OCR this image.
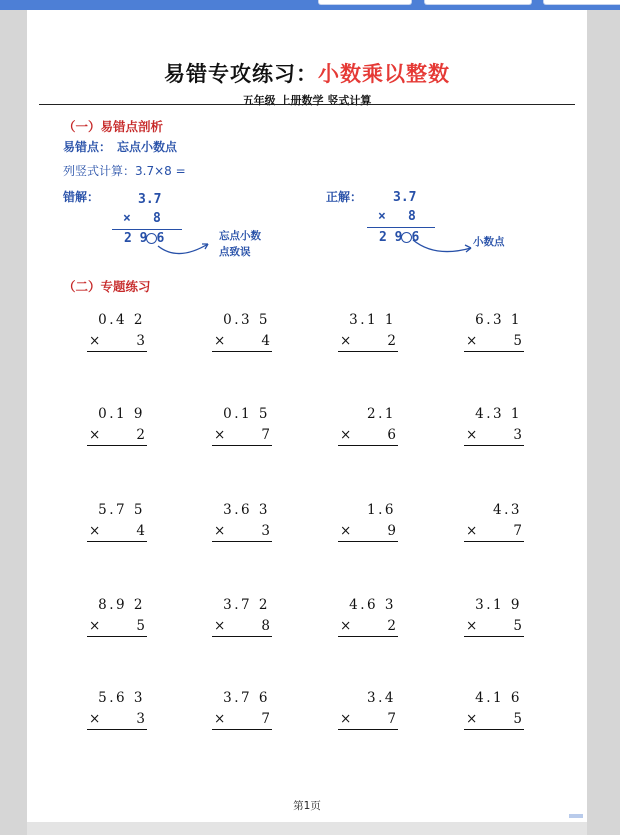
易错专攻练习：小数乘以整数
五年级 上册数学 竖式计算
（一）易错点剖析
易错点： 忘点小数点
列竖式计算：3.7×8 =
错解：	3.7
× 8
2 9 6	忘点小数
点致误
正解： 3.7
× 8
2 9 6	小数点
（二）专题练习
0.4 2
×	3
0.3 5
×	4
3.1 1
×	2
6.3 1
×	5
0.1 9
×	2
0.1 5
×	7
2.1
×	6
4.3 1
×	3
5.7 5
×	4
3.6 3
×	3
1.6
×	9
4.3
×	7
8.9 2
×	5
3.7 2
×	8
4.6 3
×	2
3.1 9
×	5
5.6 3
×	3
3.7 6
×	7
3.4
×	7
4.1 6
×	5
第1页
